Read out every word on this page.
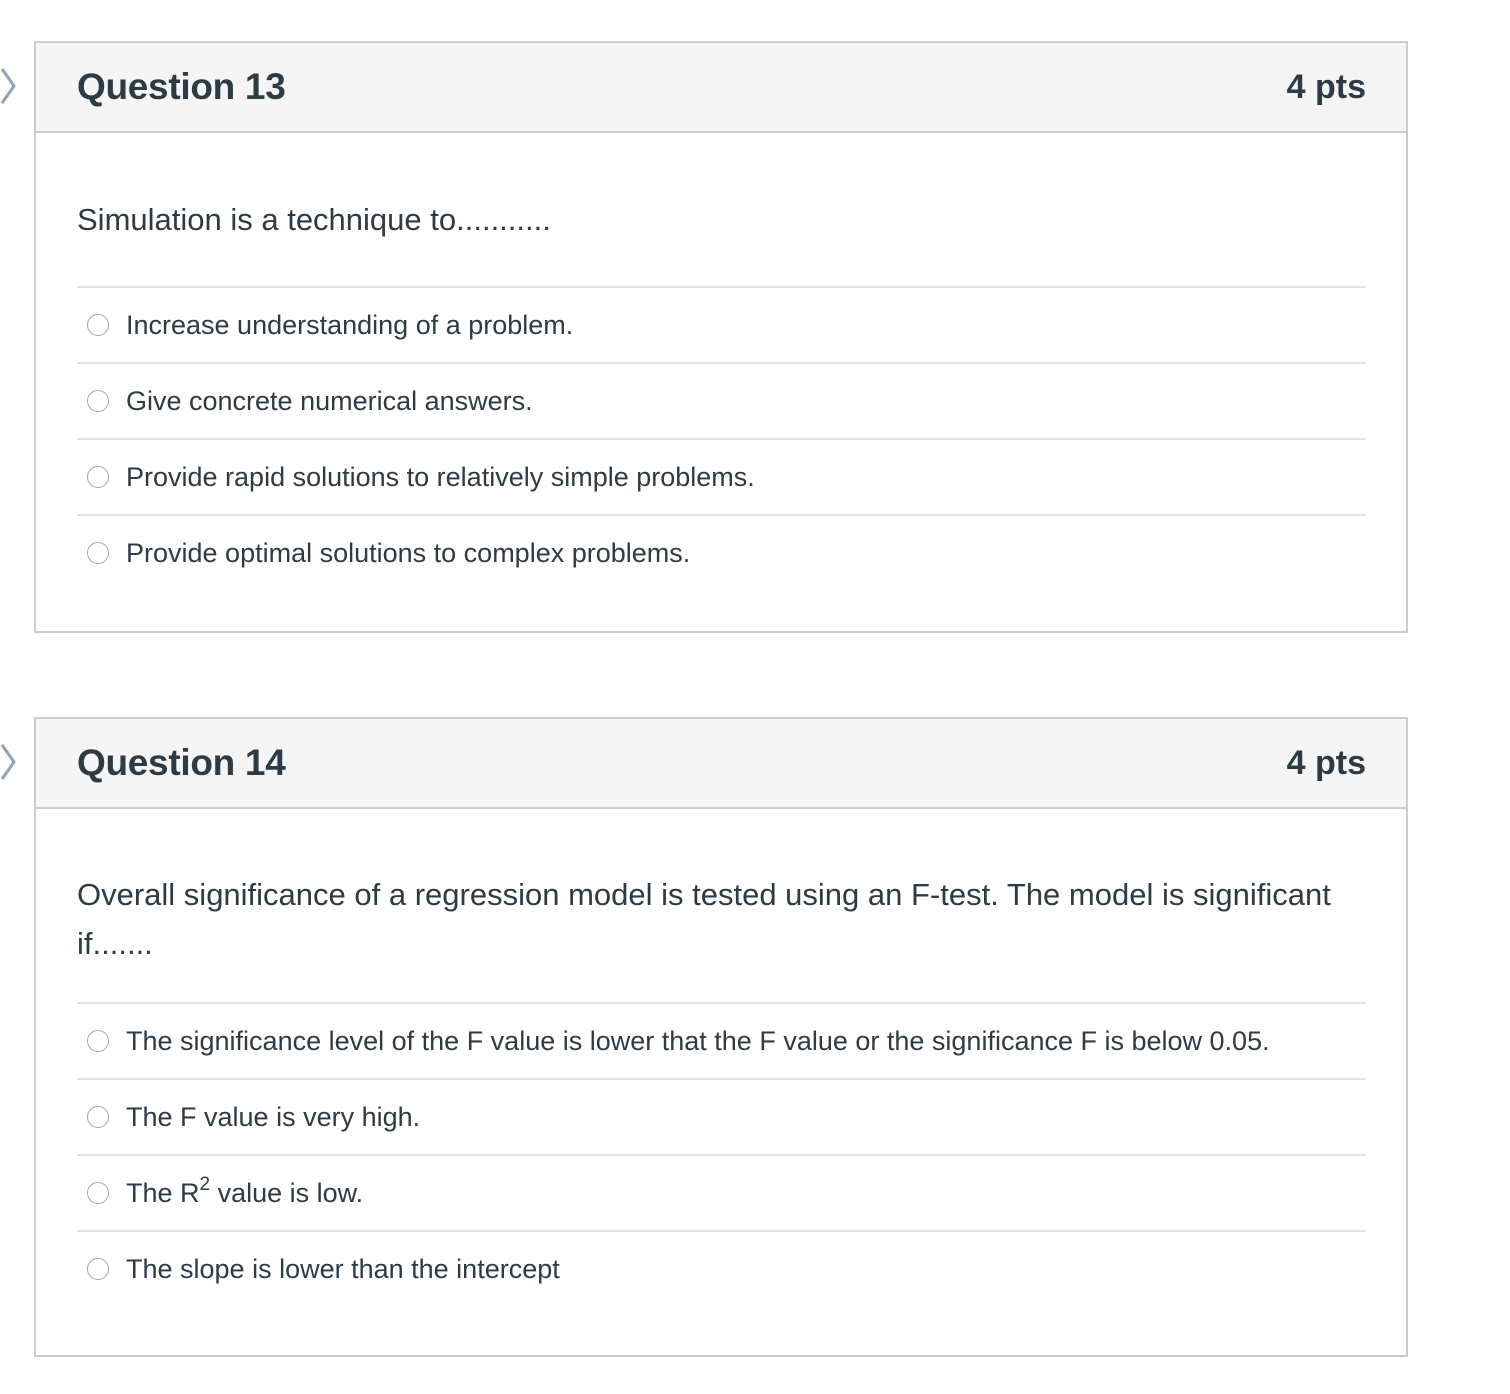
Question 13	4 pts

Simulation is a technique to...........

Increase understanding of a problem.
Give concrete numerical answers.
Provide rapid solutions to relatively simple problems.
Provide optimal solutions to complex problems.
Question 14	4 pts

Overall significance of a regression model is tested using an F-test. The model is significant

if.......

The significance level of the F value is lower that the F value or the significance F is below 0.05.
The F value is very high.
The $R^2$ value is low.
The slope is lower than the intercept
